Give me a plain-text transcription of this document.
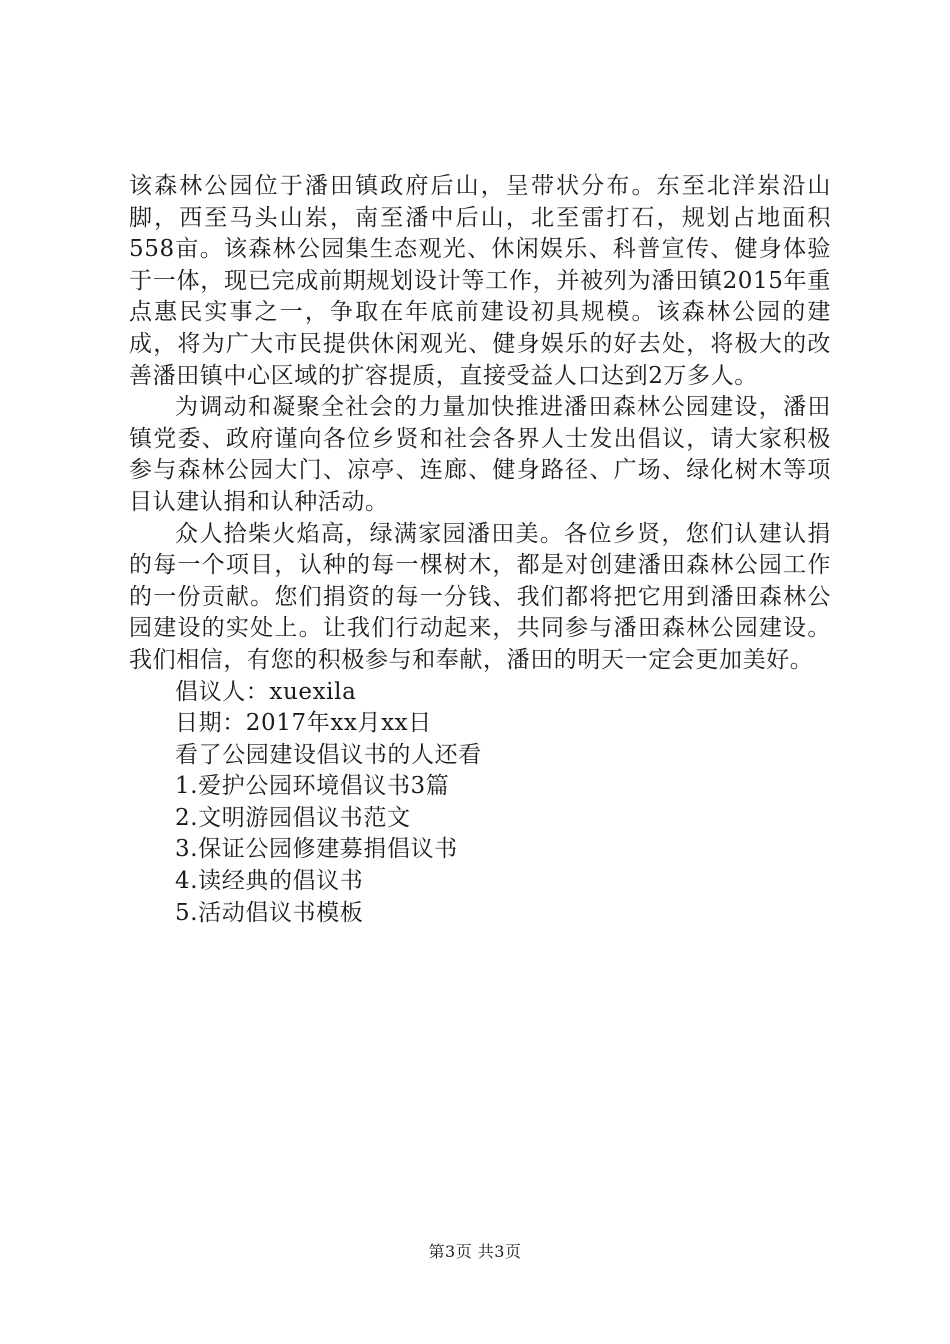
该森林公园位于潘田镇政府后山，呈带状分布。东至北洋岽沿山脚，西至马头山岽，南至潘中后山，北至雷打石，规划占地面积558亩。该森林公园集生态观光、休闲娱乐、科普宣传、健身体验于一体，现已完成前期规划设计等工作，并被列为潘田镇2015年重点惠民实事之一，争取在年底前建设初具规模。该森林公园的建成，将为广大市民提供休闲观光、健身娱乐的好去处，将极大的改善潘田镇中心区域的扩容提质，直接受益人口达到2万多人。

为调动和凝聚全社会的力量加快推进潘田森林公园建设，潘田镇党委、政府谨向各位乡贤和社会各界人士发出倡议，请大家积极参与森林公园大门、凉亭、连廊、健身路径、广场、绿化树木等项目认建认捐和认种活动。

众人拾柴火焰高，绿满家园潘田美。各位乡贤，您们认建认捐的每一个项目，认种的每一棵树木，都是对创建潘田森林公园工作的一份贡献。您们捐资的每一分钱、我们都将把它用到潘田森林公园建设的实处上。让我们行动起来，共同参与潘田森林公园建设。我们相信，有您的积极参与和奉献，潘田的明天一定会更加美好。

倡议人：xuexila

日期：2017年xx月xx日

看了公园建设倡议书的人还看

1.爱护公园环境倡议书3篇
2.文明游园倡议书范文
3.保证公园修建募捐倡议书
4.读经典的倡议书
5.活动倡议书模板
第3页 共3页
